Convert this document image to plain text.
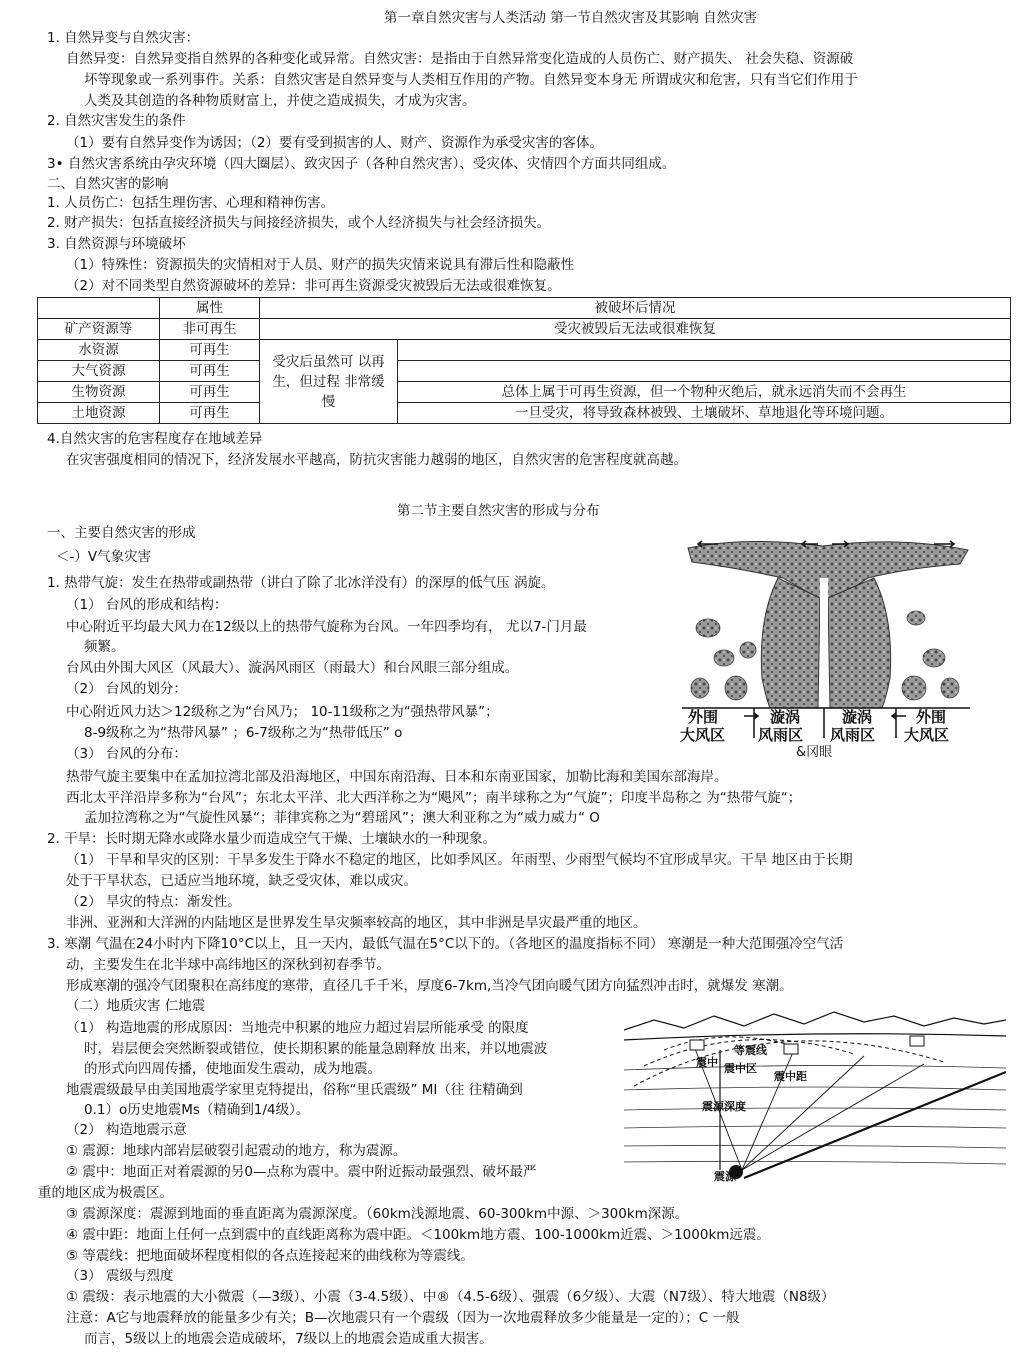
第一章自然灾害与人类活动 第一节自然灾害及其影响 自然灾害
1. 自然异变与自然灾害：
自然异变：自然异变指自然界的各种变化或异常。自然灾害：是指由于自然异常变化造成的人员伤亡、财产损失、 社会失稳、资源破
坏等现象或一系列事件。关系：自然灾害是自然异变与人类相互作用的产物。自然异变本身无 所谓成灾和危害，只有当它们作用于
人类及其创造的各种物质财富上，并使之造成损失，才成为灾害。
2. 自然灾害发生的条件
（1）要有自然异变作为诱因；（2）要有受到损害的人、财产、资源作为承受灾害的客体。
3• 自然灾害系统由孕灾环境（四大圈层）、致灾因子（各种自然灾害）、受灾体、灾情四个方面共同组成。
二、自然灾害的影响
1. 人员伤亡：包括生理伤害、心理和精神伤害。
2. 财产损失：包括直接经济损失与间接经济损失，或个人经济损失与社会经济损失。
3. 自然资源与环境破坏
（1）特殊性：资源损失的灾情相对于人员、财产的损失灾情来说具有滞后性和隐蔽性
（2）对不同类型自然资源破坏的差异：非可再生资源受灾被毁后无法或很难恢复。
	属性	被破坏后情况	
矿产资源等	非可再生	受灾被毁后无法或很难恢复	
水资源	可再生	受灾后虽然可 以再生，但过程 非常缓慢	
大气资源	可再生		
生物资源	可再生		总体上属于可再生资源，但一个物种灭绝后，就永远消失而不会再生
土地资源	可再生		一旦受灾，将导致森林被毁、土壤破坏、草地退化等环境问题。
4.自然灾害的危害程度存在地域差异
在灾害强度相同的情况下，经济发展水平越高，防抗灾害能力越弱的地区，自然灾害的危害程度就高越。
第二节主要自然灾害的形成与分布
一、主要自然灾害的形成
＜-）V气象灾害
1. 热带气旋：发生在热带或副热带（讲白了除了北冰洋没有）的深厚的低气压 涡旋。
（1） 台风的形成和结构：
中心附近平均最大风力在12级以上的热带气旋称为台风。一年四季均有， 尤以7-门月最
频繁。
台风由外围大风区（风最大）、漩涡风雨区（雨最大）和台风眼三部分组成。
（2） 台风的划分：
中心附近风力达＞12级称之为“台风乃； 10-11级称之为“强热带风暴”；
8-9级称之为“热带风暴” ；6-7级称之为“热带低压” o
（3） 台风的分布：
热带气旋主要集中在孟加拉湾北部及沿海地区，中国东南沿海、日本和东南亚国家，加勒比海和美国东部海岸。
西北太平洋沿岸多称为“台风”；东北太平洋、北大西洋称之为“飓风”；南半球称之为“气旋”；印度半岛称之 为“热带气旋“；
孟加拉湾称之为“气旋性风暴“；菲律宾称之为“碧瑶风”；澳大利亚称之为“威力威力“ O
2. 干旱：长时期无降水或降水量少而造成空气干燥、土壤缺水的一种现象。
（1） 干旱和旱灾的区别：干旱多发生于降水不稳定的地区，比如季风区。年雨型、少雨型气候均不宜形成旱灾。干旱 地区由于长期
处于干旱状态，已适应当地环境，缺乏受灾体，难以成灾。
（2） 旱灾的特点：渐发性。
非洲、亚洲和大洋洲的内陆地区是世界发生旱灾频率较高的地区，其中非洲是旱灾最严重的地区。
3. 寒潮 气温在24小时内下降10°C以上，且一天内，最低气温在5°C以下的。（各地区的温度指标不同） 寒潮是一种大范围强冷空气活
动，主要发生在北半球中高纬地区的深秋到初春季节。
形成寒潮的强冷气团聚积在高纬度的寒带，直径几千千米，厚度6-7km,当冷气团向暖气团方向猛烈冲击时，就爆发 寒潮。
（二）地质灾害 仁地震
（1） 构造地震的形成原因：当地壳中积累的地应力超过岩层所能承受 的限度
时，岩层便会突然断裂或错位，使长期积累的能量急剧释放 出来，并以地震波
的形式向四周传播，使地面发生震动，成为地震。
地震震级最早由美国地震学家里克特提出，俗称“里氏震级” MI（往 往精确到
0.1）o历史地震Ms（精确到1/4级）。
（2） 构造地震示意
① 震源：地球内部岩层破裂引起震动的地方，称为震源。
② 震中：地面正对着震源的另0—点称为震中。震中附近振动最强烈、破坏最严
重的地区成为极震区。
③ 震源深度：震源到地面的垂直距离为震源深度。（60km浅源地震、60-300km中源、＞300km深源。
④ 震中距：地面上任何一点到震中的直线距离称为震中距。＜100km地方震、100-1000km近震、＞1000km远震。
⑤ 等震线：把地面破坏程度相似的各点连接起来的曲线称为等震线。
（3） 震级与烈度
① 震级：表示地震的大小微震（—3级）、小震（3-4.5级）、中®（4.5-6级）、强震（6夕级）、大震（N7级）、特大地震（N8级）
注意：A它与地震释放的能量多少有关；B—次地震只有一个震级（因为一次地震释放多少能量是一定的）；C 一般
而言，5级以上的地震会造成破坏，7级以上的地震会造成重大损害。
外围
大风区
漩涡
风雨区
漩涡
风雨区
外围
大风区
&冈眼
等震线
震中区
震中距
震中
震源深度
震源
